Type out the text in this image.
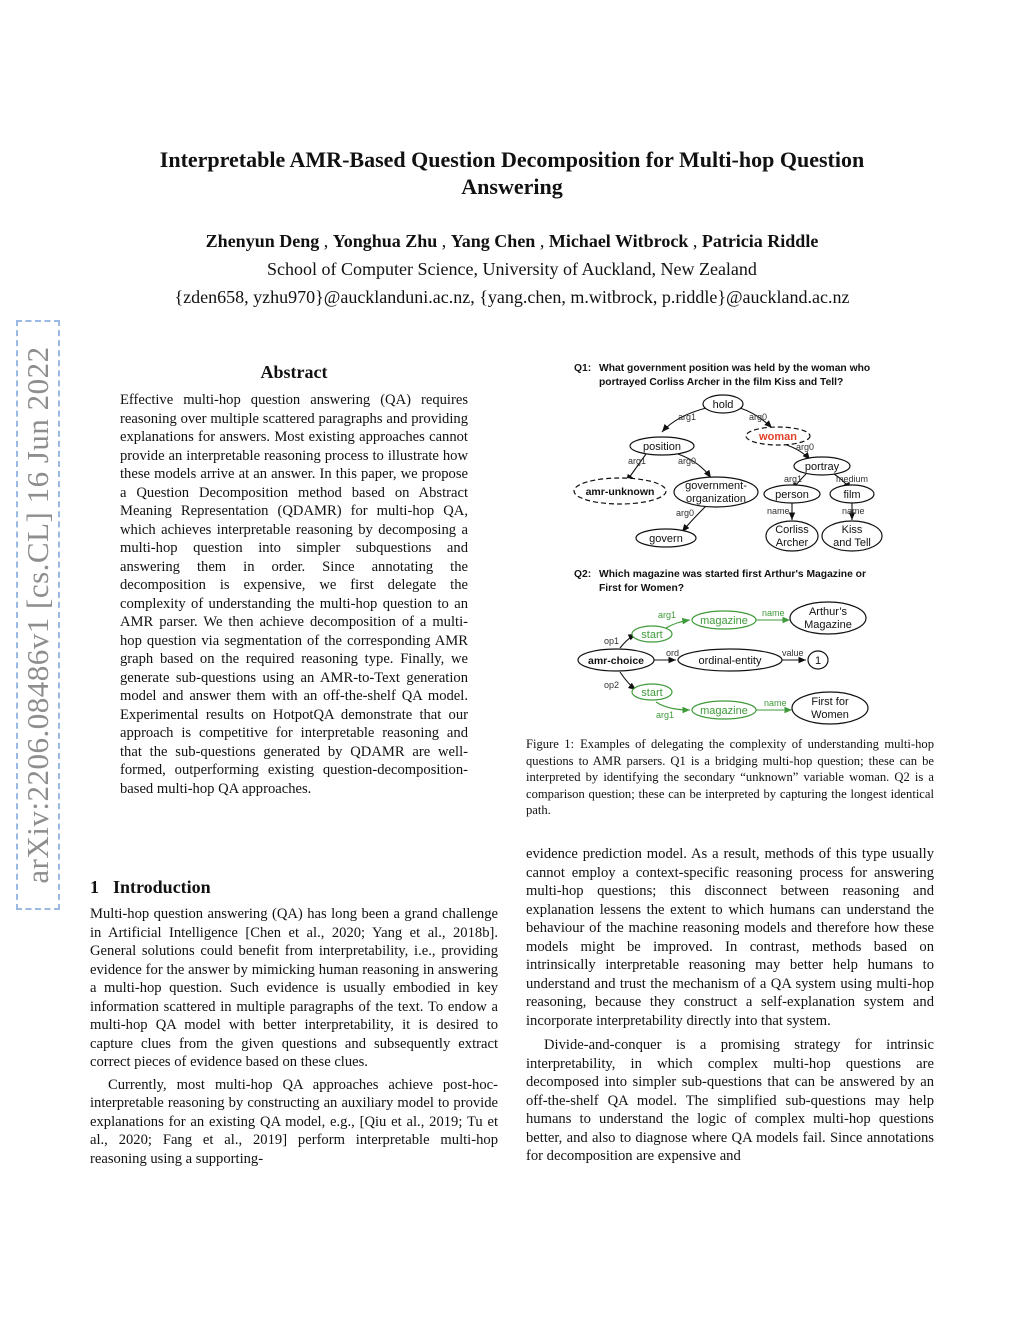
Interpretable AMR-Based Question Decomposition for Multi-hop Question
Answering
Zhenyun Deng , Yonghua Zhu , Yang Chen , Michael Witbrock , Patricia Riddle
School of Computer Science, University of Auckland, New Zealand
{zden658, yzhu970}@aucklanduni.ac.nz, {yang.chen, m.witbrock, p.riddle}@auckland.ac.nz
arXiv:2206.08486v1 [cs.CL] 16 Jun 2022	Abstract

Effective multi-hop question answering (QA) requires reasoning over multiple scattered paragraphs and providing explanations for answers. Most existing approaches cannot provide an interpretable reasoning process to illustrate how these models arrive at an answer. In this paper, we propose a Question Decomposition method based on Abstract Meaning Representation (QDAMR) for multi-hop QA, which achieves interpretable reasoning by decomposing a multi-hop question into simpler subquestions and answering them in order. Since annotating the decomposition is expensive, we first delegate the complexity of understanding the multi-hop question to an AMR parser. We then achieve decomposition of a multi-hop question via segmentation of the corresponding AMR graph based on the required reasoning type. Finally, we generate sub-questions using an AMR-to-Text generation model and answer them with an off-the-shelf QA model. Experimental results on HotpotQA demonstrate that our approach is competitive for interpretable reasoning and that the sub-questions generated by QDAMR are well-formed, outperforming existing question-decomposition-based multi-hop QA approaches.

1 Introduction

Multi-hop question answering (QA) has long been a grand challenge in Artificial Intelligence [Chen et al., 2020; Yang et al., 2018b]. General solutions could benefit from interpretability, i.e., providing evidence for the answer by mimicking human reasoning in answering a multi-hop question. Such evidence is usually embodied in key information scattered in multiple paragraphs of the text. To endow a multi-hop QA model with better interpretability, it is desired to capture clues from the given questions and subsequently extract correct pieces of evidence based on these clues.

Currently, most multi-hop QA approaches achieve post-hoc-interpretable reasoning by constructing an auxiliary model to provide explanations for an existing QA model, e.g., [Qiu et al., 2019; Tu et al., 2020; Fang et al., 2019] perform interpretable multi-hop reasoning using a supporting-

evidence prediction model. As a result, methods of this type usually cannot employ a context-specific reasoning process for answering multi-hop questions; this disconnect between reasoning and explanation lessens the extent to which humans can understand the behaviour of the machine reasoning models and therefore how these models might be improved. In contrast, methods based on intrinsically interpretable reasoning may better help humans to understand and trust the mechanism of a QA system using multi-hop reasoning, because they construct a self-explanation system and incorporate interpretability directly into that system.

Divide-and-conquer is a promising strategy for intrinsic interpretability, in which complex multi-hop questions are decomposed into simpler sub-questions that can be answered by an off-the-shelf QA model. The simplified sub-questions may help humans to understand the logic of complex multi-hop questions better, and also to diagnose where QA models fail. Since annotations for decomposition are expensive and

Q1: What government position was held by the woman who
portrayed Corliss Archer in the film Kiss and Tell?

arg1	arg0
arg1	arg0
arg0
arg1	medium
arg0	name	name
hold
woman
position
portray
amr-unknown	government-
organization	person	film
govern
Corliss
Archer
Kiss
and Tell

Q2: Which magazine was started first Arthur's Magazine or
First for Women?

op1
op2
arg1
arg1
name
name
ord	value
amr-choice
start
start
magazine
magazine
Arthur’s
Magazine
ordinal-entity	1
First for
Women

Figure 1: Examples of delegating the complexity of understanding multi-hop questions to AMR parsers. Q1 is a bridging multi-hop question; these can be interpreted by identifying the secondary “unknown” variable woman. Q2 is a comparison question; these can be interpreted by capturing the longest identical path.
